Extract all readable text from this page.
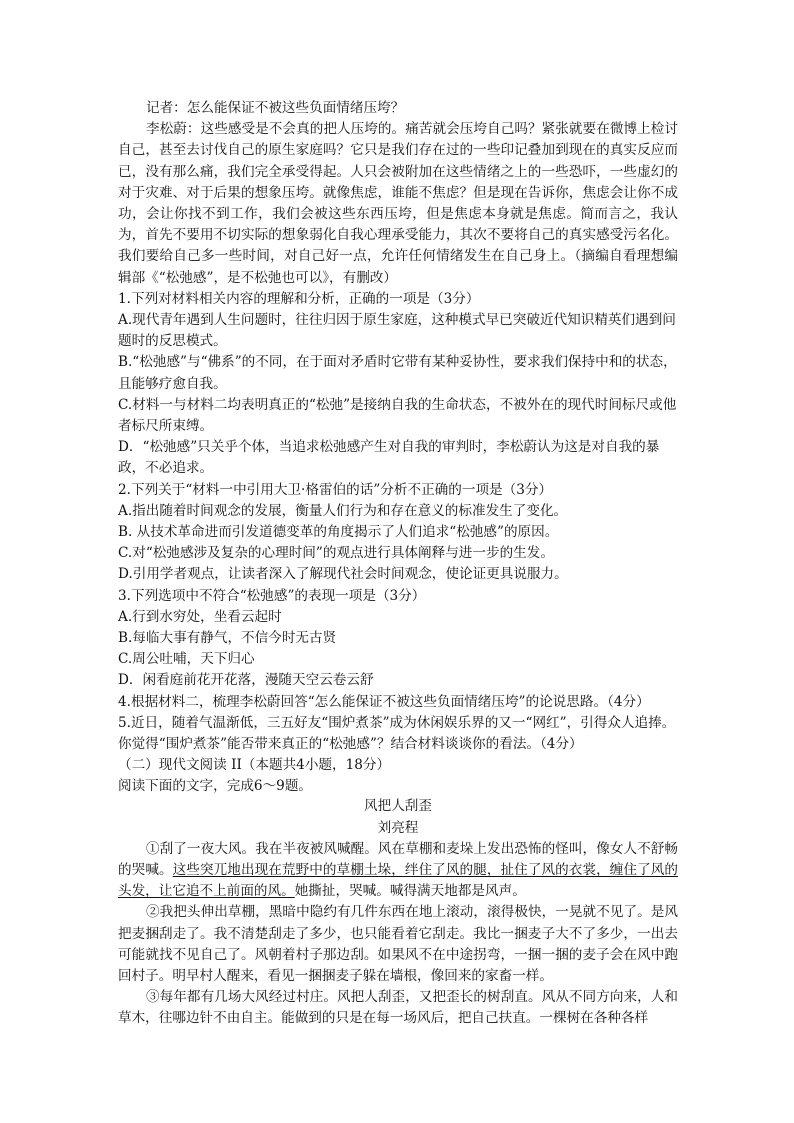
记者：怎么能保证不被这些负面情绪压垮？

李松蔚：这些感受是不会真的把人压垮的。痛苦就会压垮自己吗？紧张就要在微博上检讨自己，甚至去讨伐自己的原生家庭吗？它只是我们存在过的一些印记叠加到现在的真实反应而已，没有那么痛，我们完全承受得起。人只会被附加在这些情绪之上的一些恐吓，一些虚幻的对于灾难、对于后果的想象压垮。就像焦虑，谁能不焦虑？但是现在告诉你，焦虑会让你不成功，会让你找不到工作，我们会被这些东西压垮，但是焦虑本身就是焦虑。简而言之，我认为，首先不要用不切实际的想象弱化自我心理承受能力，其次不要将自己的真实感受污名化。我们要给自己多一些时间，对自己好一点，允许任何情绪发生在自己身上。（摘编自看理想编辑部《“松弛感”，是不松弛也可以》，有删改）

1.下列对材料相关内容的理解和分析，正确的一项是（3分）

A.现代青年遇到人生问题时，往往归因于原生家庭，这种模式早已突破近代知识精英们遇到问题时的反思模式。

B.“松弛感”与“佛系”的不同，在于面对矛盾时它带有某种妥协性，要求我们保持中和的状态，且能够疗愈自我。

C.材料一与材料二均表明真正的“松弛”是接纳自我的生命状态，不被外在的现代时间标尺或他者标尺所束缚。

D．“松弛感”只关乎个体，当追求松弛感产生对自我的审判时，李松蔚认为这是对自我的暴政，不必追求。

2.下列关于“材料一中引用大卫·格雷伯的话”分析不正确的一项是（3分）

A.指出随着时间观念的发展，衡量人们行为和存在意义的标准发生了变化。

B. 从技术革命进而引发道德变革的角度揭示了人们追求“松弛感”的原因。

C.对“松弛感涉及复杂的心理时间”的观点进行具体阐释与进一步的生发。

D.引用学者观点，让读者深入了解现代社会时间观念，使论证更具说服力。

3.下列选项中不符合“松弛感”的表现一项是（3分）

A.行到水穷处，坐看云起时

B.每临大事有静气，不信今时无古贤

C.周公吐哺，天下归心

D．闲看庭前花开花落，漫随天空云卷云舒

4.根据材料二，梳理李松蔚回答“怎么能保证不被这些负面情绪压垮”的论说思路。（4分）

5.近日，随着气温渐低，三五好友“围炉煮茶”成为休闲娱乐界的又一“网红”，引得众人追捧。你觉得“围炉煮茶”能否带来真正的“松弛感”？结合材料谈谈你的看法。（4分）

（二）现代文阅读 II（本题共4小题，18分）

阅读下面的文字，完成6～9题。

风把人刮歪

刘亮程

①刮了一夜大风。我在半夜被风喊醒。风在草棚和麦垛上发出恐怖的怪叫，像女人不舒畅的哭喊。这些突兀地出现在荒野中的草棚土垛，绊住了风的腿，扯住了风的衣裳，缠住了风的头发，让它追不上前面的风。她撕扯，哭喊。喊得满天地都是风声。

②我把头伸出草棚，黑暗中隐约有几件东西在地上滚动，滚得极快，一晃就不见了。是风把麦捆刮走了。我不清楚刮走了多少，也只能看着它刮走。我比一捆麦子大不了多少，一出去可能就找不见自己了。风朝着村子那边刮。如果风不在中途拐弯，一捆一捆的麦子会在风中跑回村子。明早村人醒来，看见一捆捆麦子躲在墙根，像回来的家畜一样。

③每年都有几场大风经过村庄。风把人刮歪，又把歪长的树刮直。风从不同方向来，人和草木，往哪边针不由自主。能做到的只是在每一场风后，把自己扶直。一棵树在各种各样
